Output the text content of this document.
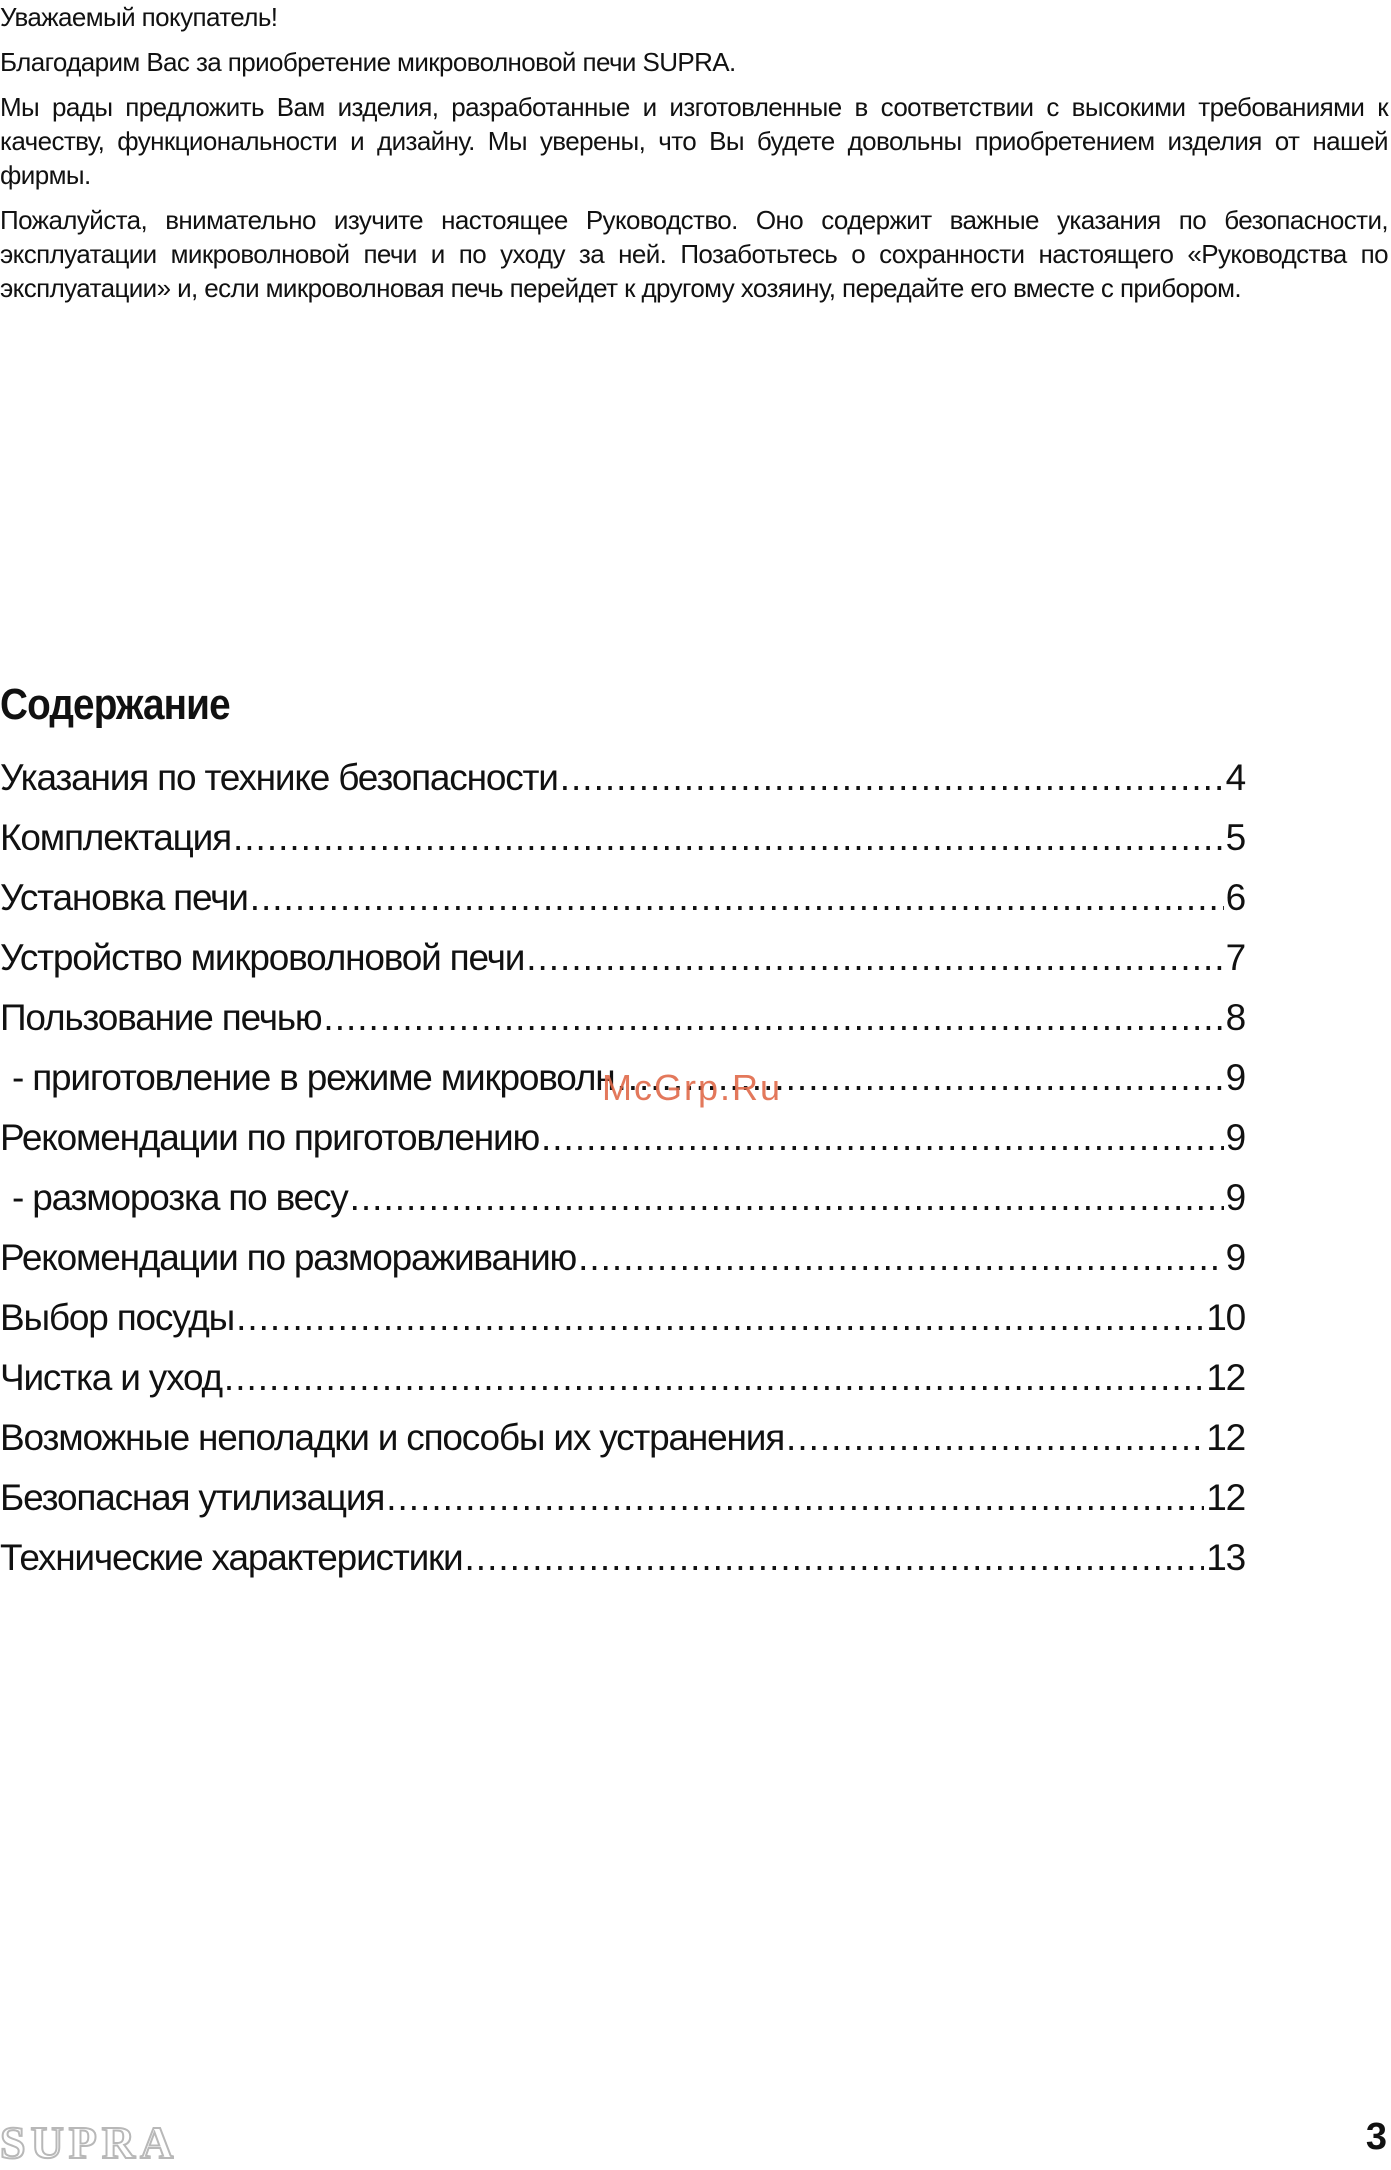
Уважаемый покупатель!

Благодарим Вас за приобретение микроволновой печи SUPRA.

Мы рады предложить Вам изделия, разработанные и изготовленные в соответствии с высокими требованиями к качеству, функциональности и дизайну. Мы уверены, что Вы будете довольны приобретением изделия от нашей фирмы.

Пожалуйста, внимательно изучите настоящее Руководство. Оно содержит важные указания по безопасности, эксплуатации микроволновой печи и по уходу за ней. Позаботьтесь о сохранности настоящего «Руководства по эксплуатации» и, если микроволновая печь перейдет к другому хозяину, передайте его вместе с прибором.

Содержание
Указания по технике безопасности .....	4
Комплектация .....	5
Установка печи .....	6
Устройство микроволновой печи .....	7
Пользование печью .....	8
- приготовление в режиме микроволн .....	9
Рекомендации по приготовлению .....	9
- разморозка по весу .....	9
Рекомендации по размораживанию .....	9
Выбор посуды .....	10
Чистка и уход .....	12
Возможные неполадки и способы их устранения .....	12
Безопасная утилизация .....	12
Технические характеристики .....	13
McGrp.Ru
SUPRA	3
